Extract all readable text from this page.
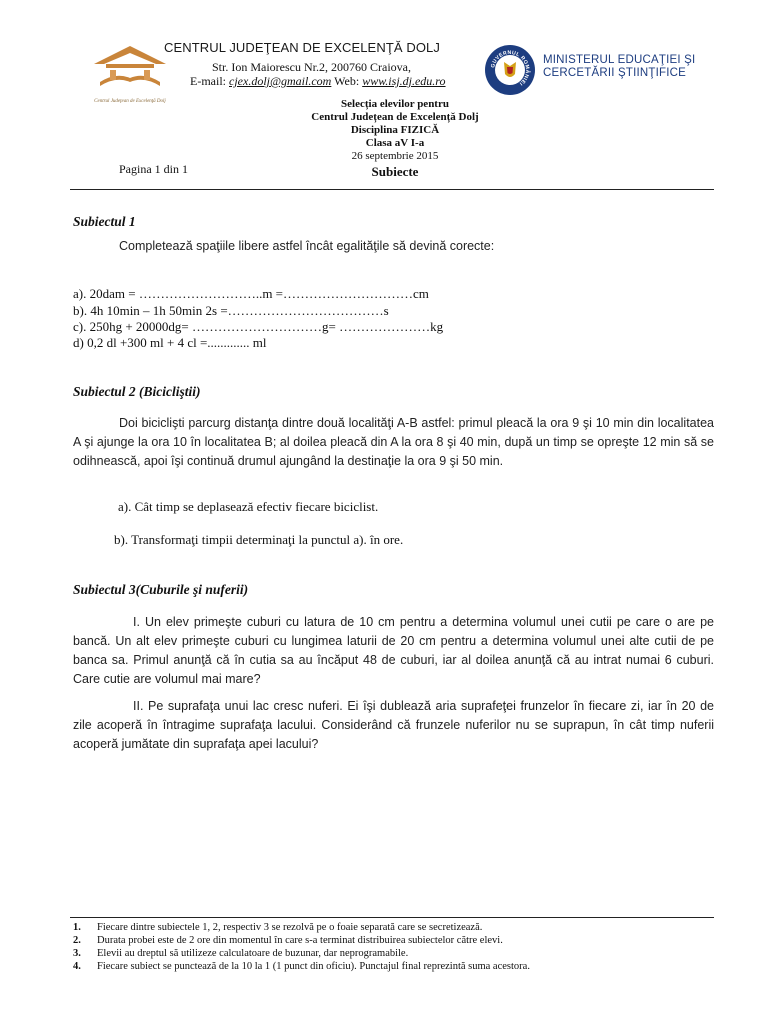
Centrul Judeţean de Excelenţă Dolj
CENTRUL JUDEŢEAN DE EXCELENŢĂ DOLJ
Str. Ion Maiorescu Nr.2, 200760 Craiova,
E-mail: cjex.dolj@gmail.com Web: www.isj.dj.edu.ro
GUVERNUL ROMÂNIEI
MINISTERUL EDUCAŢIEI ŞI
CERCETĂRII ŞTIINŢIFICE
Selecția elevilor pentru
Centrul Județean de Excelență Dolj
Disciplina FIZICĂ
Clasa aV I-a
26 septembrie 2015
Subiecte
Pagina 1 din 1
Subiectul 1
Completează spaţiile libere astfel încât egalităţile să devină corecte:
a). 20dam = ………………………..m =…………………………cm
b). 4h 10min – 1h 50min 2s =………………………………s
c). 250hg + 20000dg= …………………………g= …………………kg
d) 0,2 dl +300 ml + 4 cl =............. ml
Subiectul 2 (Bicicliştii)
Doi biciclişti parcurg distanţa dintre două localităţi A-B astfel: primul pleacă la ora 9 şi 10 min din localitatea A şi ajunge la ora 10 în localitatea B; al doilea pleacă din A la ora 8 şi 40 min, după un timp se opreşte 12 min să se odihnească, apoi îşi continuă drumul ajungând la destinaţie la ora 9 şi 50 min.
a). Cât timp se deplasează efectiv fiecare biciclist.
b). Transformaţi timpii determinaţi la punctul a). în ore.
Subiectul 3(Cuburile şi nuferii)
I. Un elev primeşte cuburi cu latura de 10 cm pentru a determina volumul unei cutii pe care o are pe bancă. Un alt elev primeşte cuburi cu lungimea laturii de 20 cm pentru a determina volumul unei alte cutii de pe banca sa. Primul anunţă că în cutia sa au încăput 48 de cuburi, iar al doilea anunţă că au intrat numai 6 cuburi. Care cutie are volumul mai mare?
II. Pe suprafaţa unui lac cresc nuferi. Ei îşi dublează aria suprafeţei frunzelor în fiecare zi, iar în 20 de zile acoperă în întragime suprafaţa lacului. Considerând că frunzele nuferilor nu se suprapun, în cât timp nuferii acoperă jumătate din suprafaţa apei lacului?
1.	Fiecare dintre subiectele 1, 2, respectiv 3 se rezolvă pe o foaie separată care se secretizează.
2.	Durata probei este de 2 ore din momentul în care s-a terminat distribuirea subiectelor către elevi.
3.	Elevii au dreptul să utilizeze calculatoare de buzunar, dar neprogramabile.
4.	Fiecare subiect se punctează de la 10 la 1 (1 punct din oficiu). Punctajul final reprezintă suma acestora.
